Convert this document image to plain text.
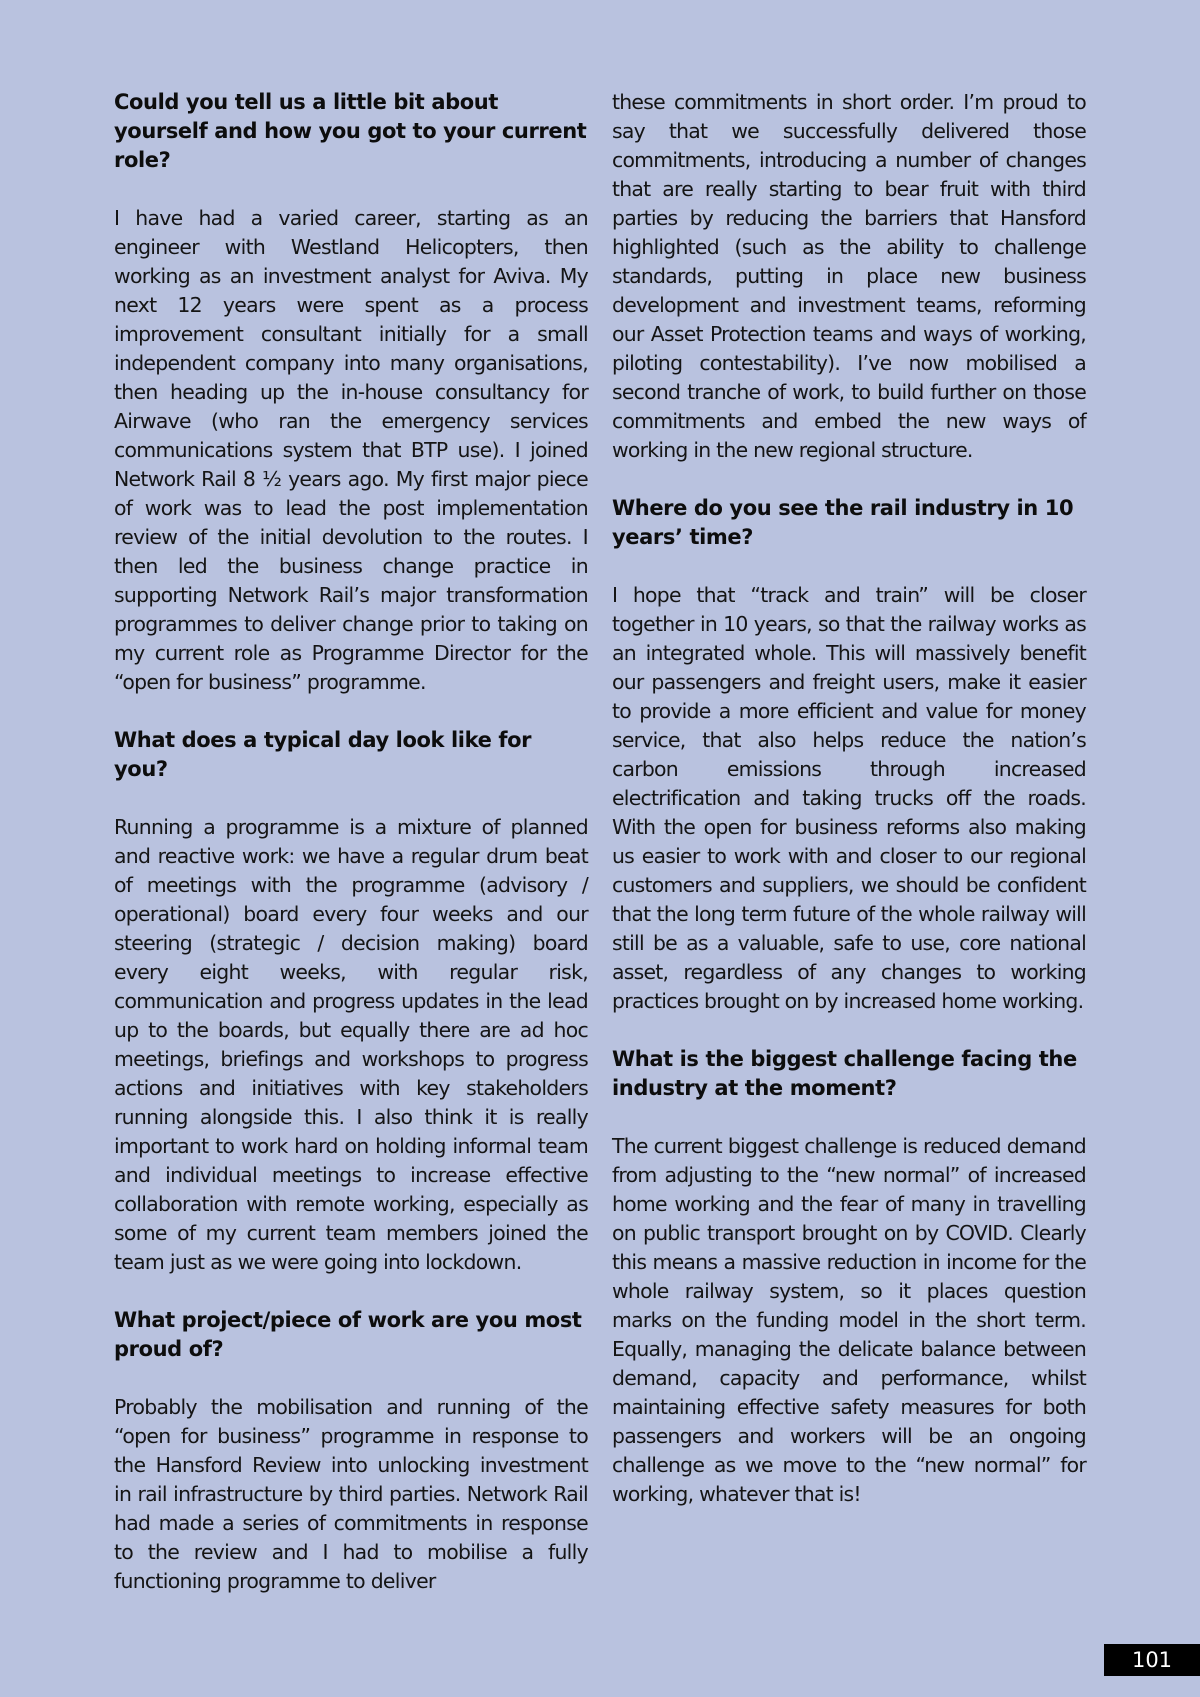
Could you tell us a little bit about yourself and how you got to your current role?

I have had a varied career, starting as an engineer with Westland Helicopters, then working as an investment analyst for Aviva. My next 12 years were spent as a process improvement consultant initially for a small independent company into many organisations, then heading up the in-house consultancy for Airwave (who ran the emergency services communications system that BTP use). I joined Network Rail 8 ½ years ago. My first major piece of work was to lead the post implementation review of the initial devolution to the routes. I then led the business change practice in supporting Network Rail’s major transformation programmes to deliver change prior to taking on my current role as Programme Director for the “open for business” programme.

What does a typical day look like for you?

Running a programme is a mixture of planned and reactive work: we have a regular drum beat of meetings with the programme (advisory / operational) board every four weeks and our steering (strategic / decision making) board every eight weeks, with regular risk, communication and progress updates in the lead up to the boards, but equally there are ad hoc meetings, briefings and workshops to progress actions and initiatives with key stakeholders running alongside this. I also think it is really important to work hard on holding informal team and individual meetings to increase effective collaboration with remote working, especially as some of my current team members joined the team just as we were going into lockdown.

What project/piece of work are you most proud of?

Probably the mobilisation and running of the “open for business” programme in response to the Hansford Review into unlocking investment in rail infrastructure by third parties. Network Rail had made a series of commitments in response to the review and I had to mobilise a fully functioning programme to deliver

these commitments in short order. I’m proud to say that we successfully delivered those commitments, introducing a number of changes that are really starting to bear fruit with third parties by reducing the barriers that Hansford highlighted (such as the ability to challenge standards, putting in place new business development and investment teams, reforming our Asset Protection teams and ways of working, piloting contestability). I’ve now mobilised a second tranche of work, to build further on those commitments and embed the new ways of working in the new regional structure.

Where do you see the rail industry in 10 years’ time?

I hope that “track and train” will be closer together in 10 years, so that the railway works as an integrated whole. This will massively benefit our passengers and freight users, make it easier to provide a more efficient and value for money service, that also helps reduce the nation’s carbon emissions through increased electrification and taking trucks off the roads. With the open for business reforms also making us easier to work with and closer to our regional customers and suppliers, we should be confident that the long term future of the whole railway will still be as a valuable, safe to use, core national asset, regardless of any changes to working practices brought on by increased home working.

What is the biggest challenge facing the industry at the moment?

The current biggest challenge is reduced demand from adjusting to the “new normal” of increased home working and the fear of many in travelling on public transport brought on by COVID. Clearly this means a massive reduction in income for the whole railway system, so it places question marks on the funding model in the short term. Equally, managing the delicate balance between demand, capacity and performance, whilst maintaining effective safety measures for both passengers and workers will be an ongoing challenge as we move to the “new normal” for working, whatever that is!

101
